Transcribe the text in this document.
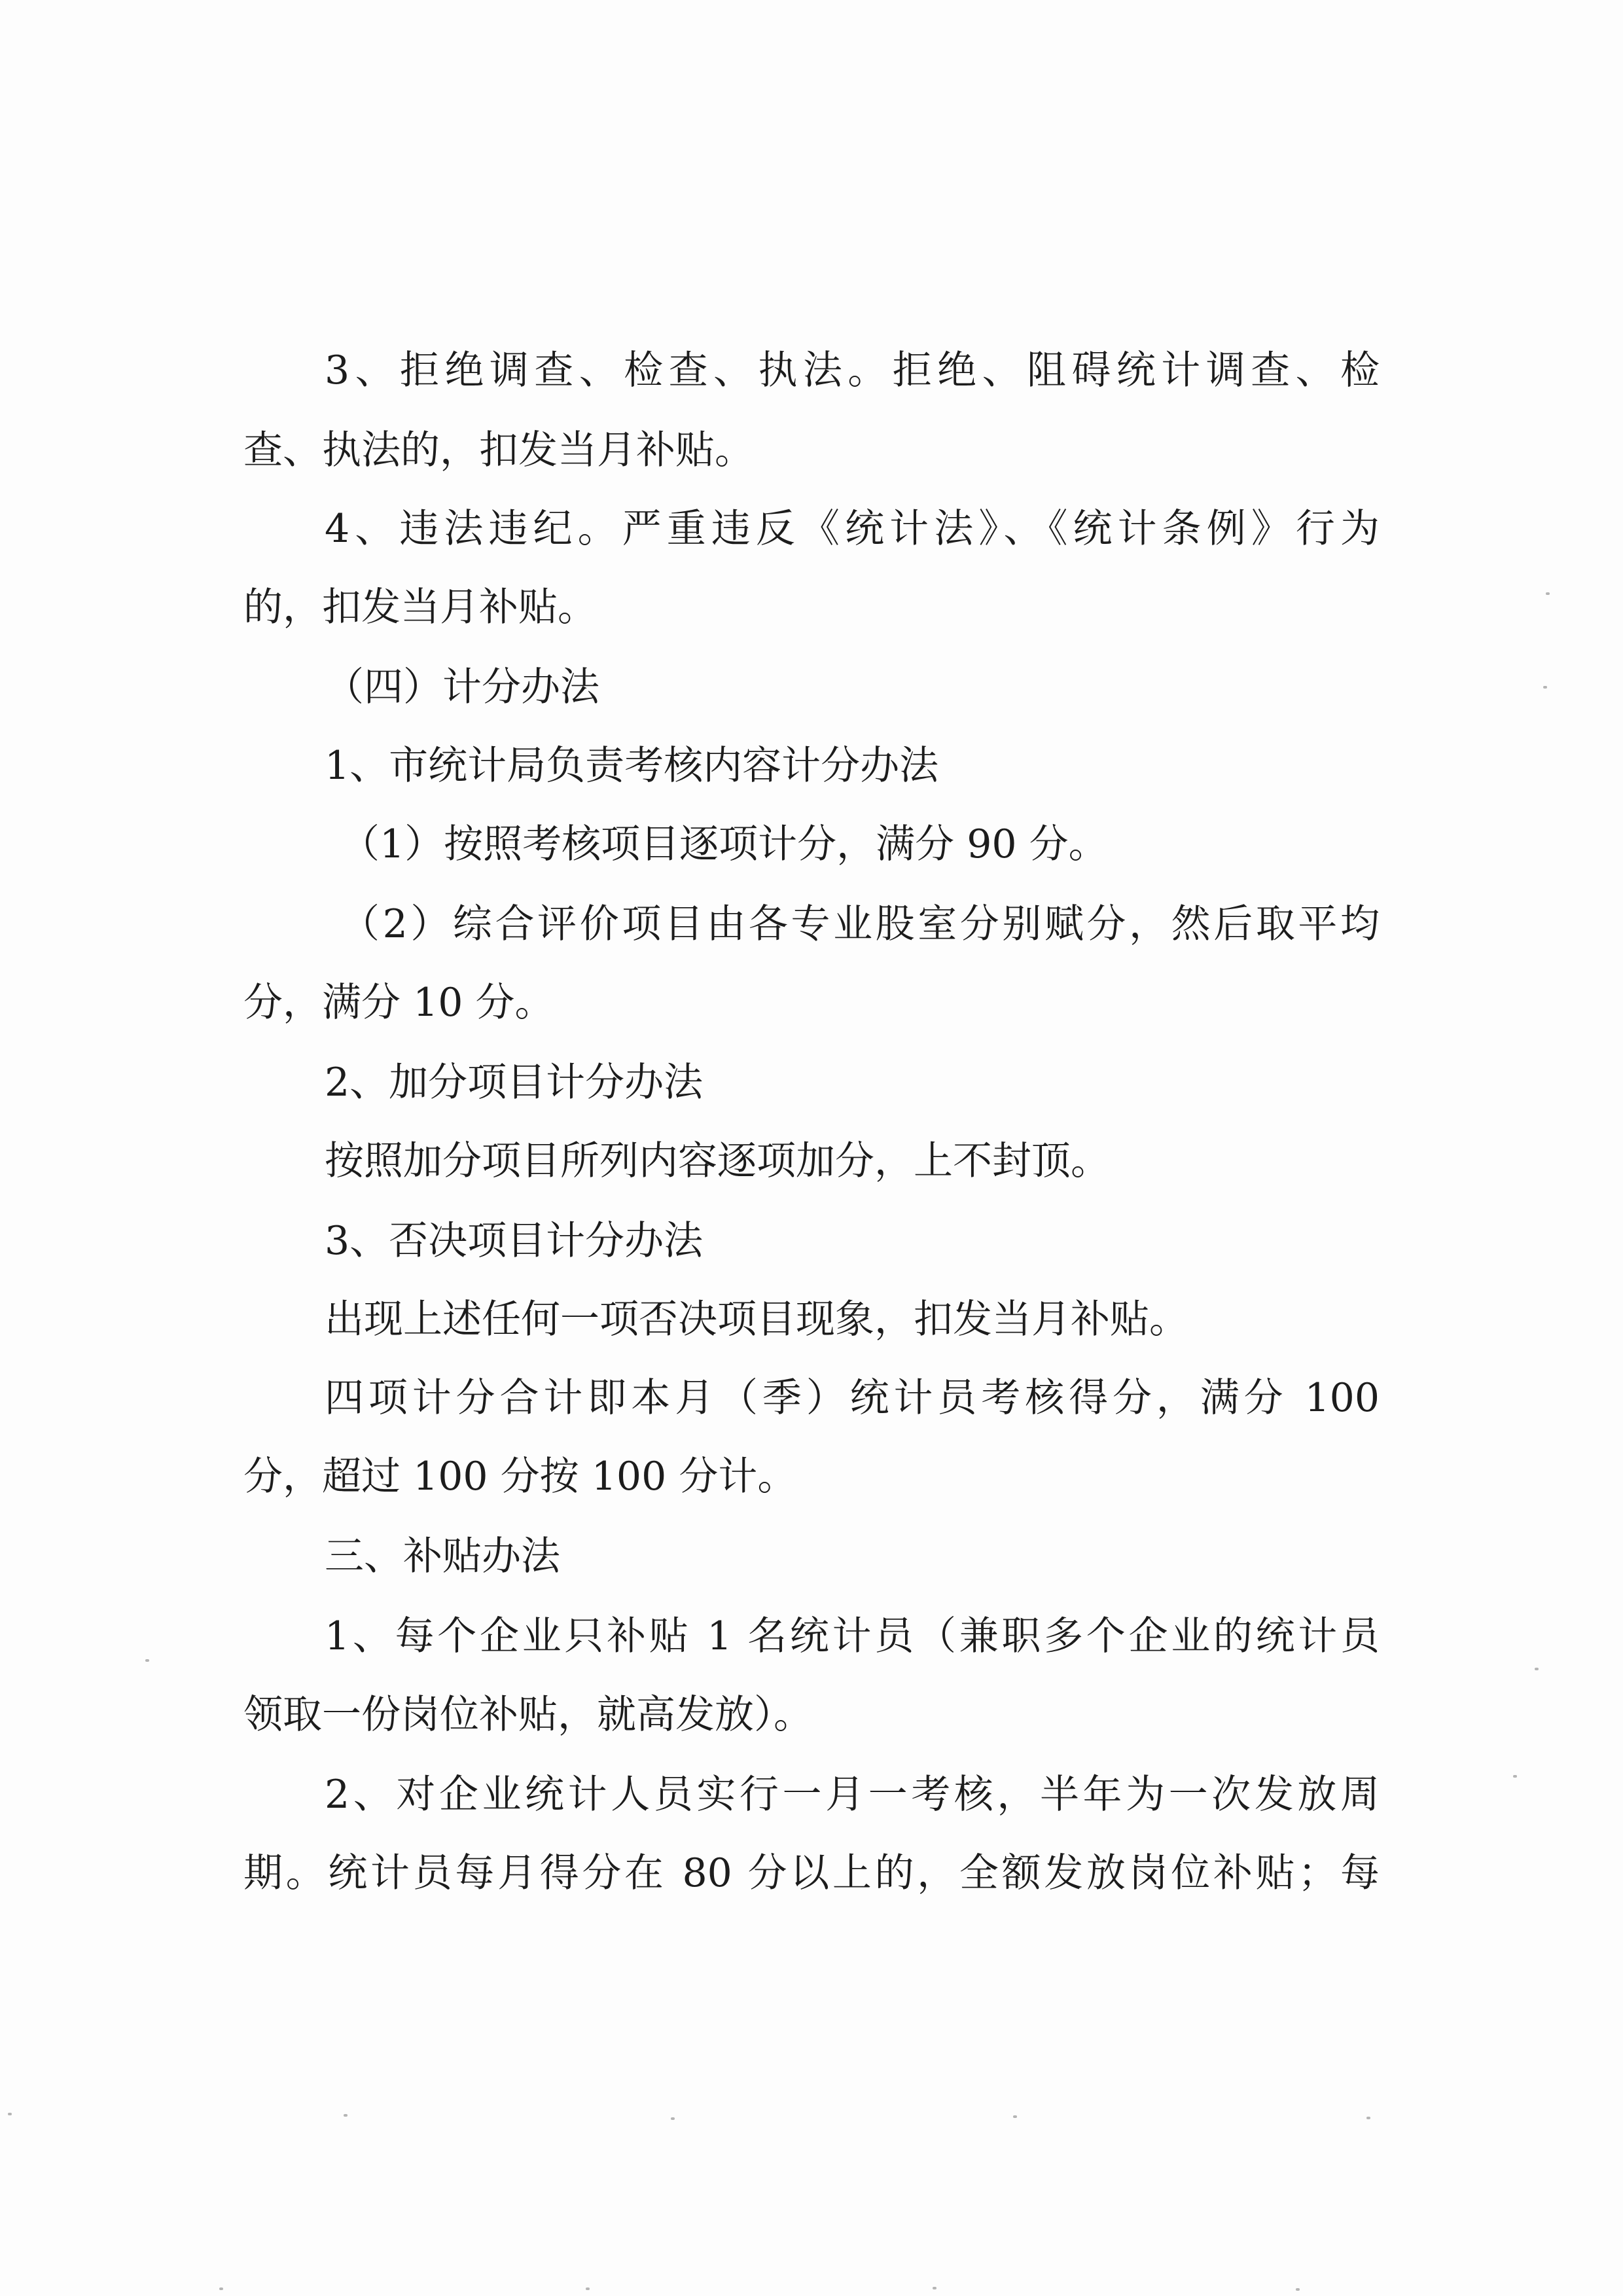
3、拒绝调查、检查、执法。拒绝、阻碍统计调查、检
查、执法的，扣发当月补贴。
4、违法违纪。严重违反《统计法》、《统计条例》行为
的，扣发当月补贴。
（四）计分办法
1、市统计局负责考核内容计分办法
（1）按照考核项目逐项计分，满分 90 分。
（2）综合评价项目由各专业股室分别赋分，然后取平均
分，满分 10 分。
2、加分项目计分办法
按照加分项目所列内容逐项加分，上不封顶。
3、否决项目计分办法
出现上述任何一项否决项目现象，扣发当月补贴。
四项计分合计即本月（季）统计员考核得分，满分 100
分，超过 100 分按 100 分计。
三、补贴办法
1、每个企业只补贴 1 名统计员（兼职多个企业的统计员
领取一份岗位补贴，就高发放）。
2、对企业统计人员实行一月一考核，半年为一次发放周
期。统计员每月得分在 80 分以上的，全额发放岗位补贴；每
